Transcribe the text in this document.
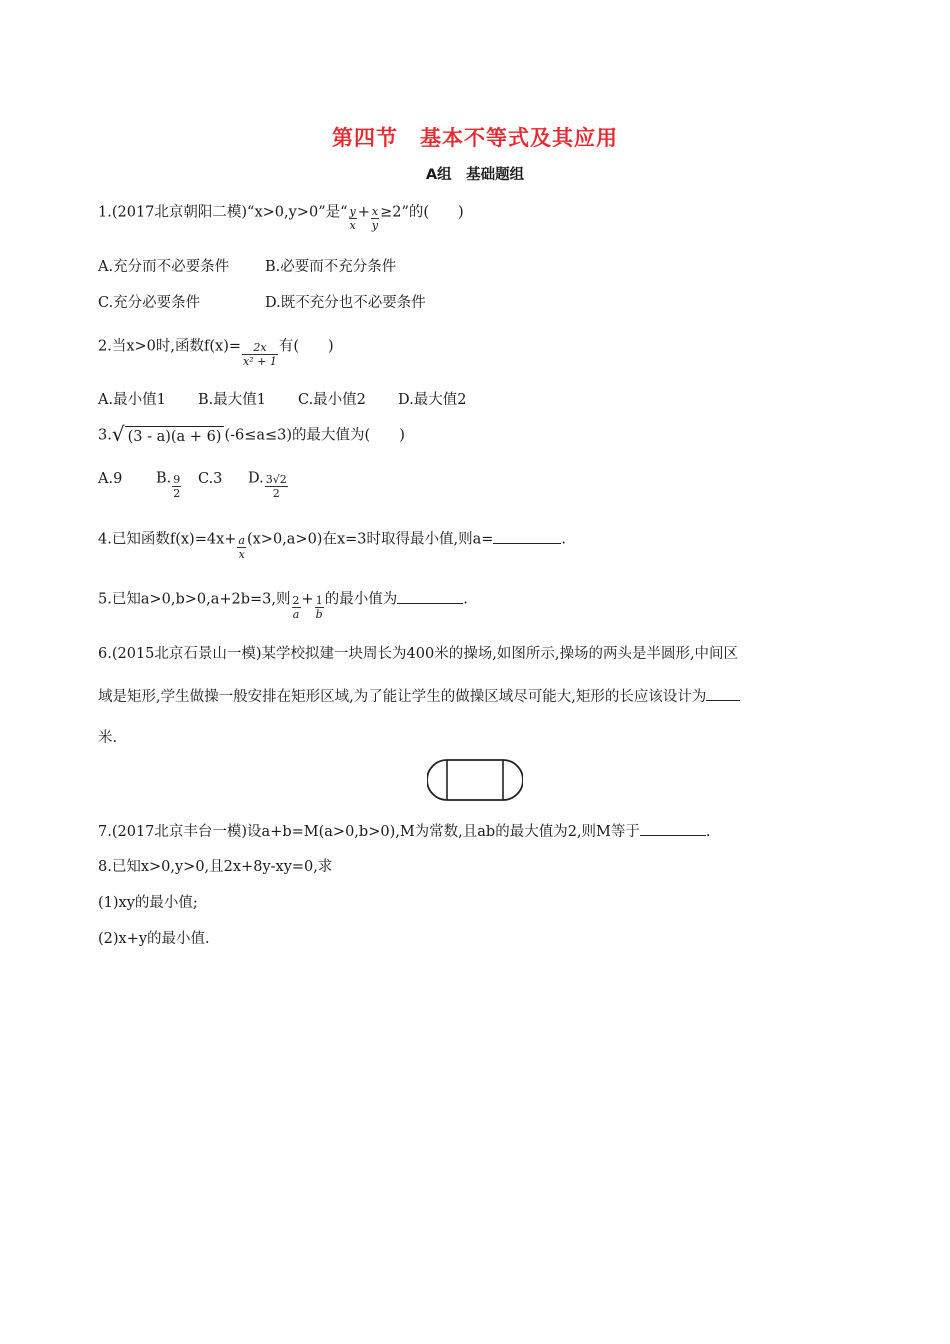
第四节　基本不等式及其应用
A组　基础题组
1.(2017北京朝阳二模)“x>0,y>0”是“ $\frac{y}{x} + \frac{x}{y} \ge 2$”的(　　)
A.充分而不必要条件 B.必要而不充分条件
C.充分必要条件	D.既不充分也不必要条件
2.当x>0时,函数$f(x)= \frac{2x}{\text{x² + 1}}$ 有(　　)
A.最小值1 B.最大值1 C.最小值2 D.最大值2
3.√ (3 - a)(a + 6) (-6≤a≤3)的最大值为(　　)
A.9 B. $\frac{9}{2} C.3$ D. $\frac{3√2}{2}$
4.已知函数$f(x)=4x+ \frac{a}{x} (x>0,a>0)$在x=3时取得最小值,则a=	.
5.已知a>0,b>0,a+2b=3,则 $\frac{2}{a} + \frac{1}{b}$ 的最小值为	.
6.(2015北京石景山一模)某学校拟建一块周长为400米的操场,如图所示,操场的两头是半圆形,中间区
域是矩形,学生做操一般安排在矩形区域,为了能让学生的做操区域尽可能大,矩形的长应该设计为
米.
7.(2017北京丰台一模)设a+b=M(a>0,b>0),M为常数,且ab的最大值为2,则M等于	.
8.已知x>0,y>0,且2x+8y-xy=0,求
(1)xy的最小值;
(2)x+y的最小值.
